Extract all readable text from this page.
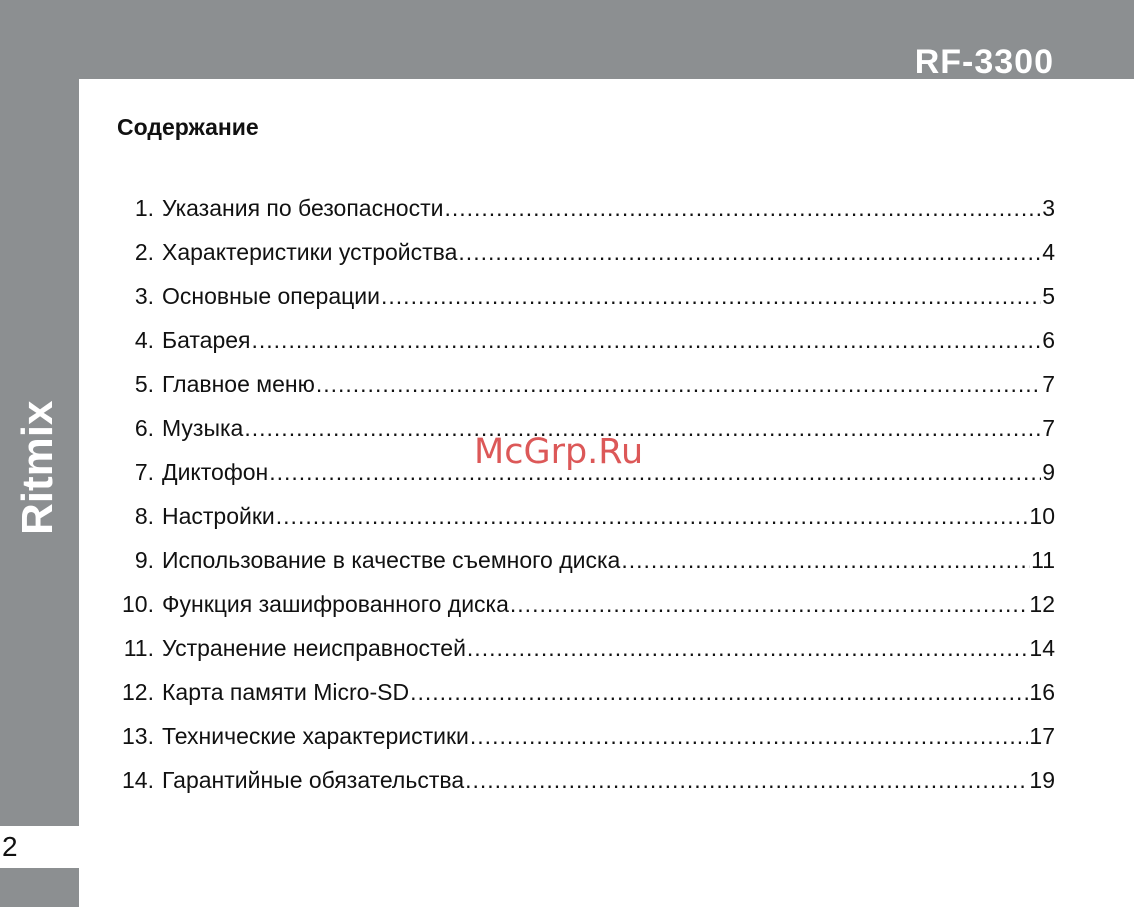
RF-3300
Ritmix
2
Содержание
1. Указания по безопасности .....	3
2. Характеристики устройства .....	4
3. Основные операции .....	5
4. Батарея .....	6
5. Главное меню .....	7
6. Музыка .....	7
7. Диктофон .....	9
8. Настройки .....	10
9. Использование в качестве съемного диска .....	11
10. Функция зашифрованного диска .....	12
11. Устранение неисправностей .....	14
12. Карта памяти Micro-SD .....	16
13. Технические характеристики .....	17
14. Гарантийные обязательства .....	19
McGrp.Ru
